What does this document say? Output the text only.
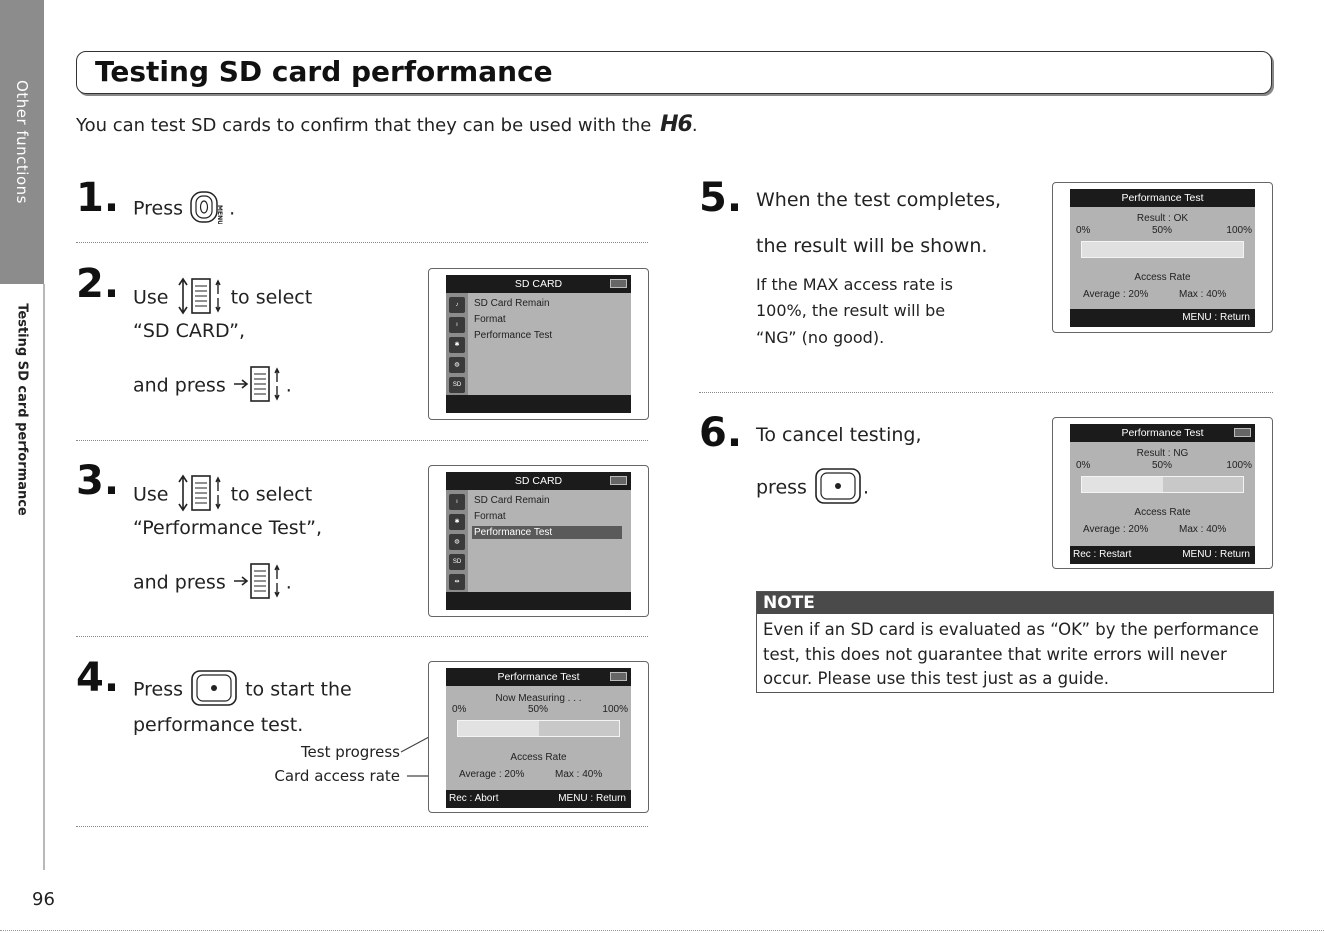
Other functions
Testing SD card performance
96
Testing SD card performance
You can test SD cards to confirm that they can be used with the H6.
1. Press	MENU .
2. Use	to select
“SD CARD”,
and press	.
SD CARD
♪
ı
✱
◍
SD
SD Card Remain
Format
Performance Test
3. Use	to select
“Performance Test”,
and press	.
SD CARD
ı
✱
◍
SD
⇹
SD Card Remain
Format
Performance Test
4. Press	to start the
performance test.
Test progress
Card access rate
Performance Test
Now Measuring . . .
0%	50%	100%
Access Rate
Average : 20%	Max : 40%
Rec : Abort	MENU : Return
5. When the test completes,
the result will be shown.
If the MAX access rate is
100%, the result will be
“NG” (no good).
Performance Test
Result : OK
0%	50%	100%
Access Rate
Average : 20%	Max : 40%
MENU : Return
6. To cancel testing,
press	.
Performance Test
Result : NG
0%	50%	100%
Access Rate
Average : 20%	Max : 40%
Rec : Restart	MENU : Return
NOTE
Even if an SD card is evaluated as “OK” by the performance test, this does not guarantee that write errors will never occur. Please use this test just as a guide.
